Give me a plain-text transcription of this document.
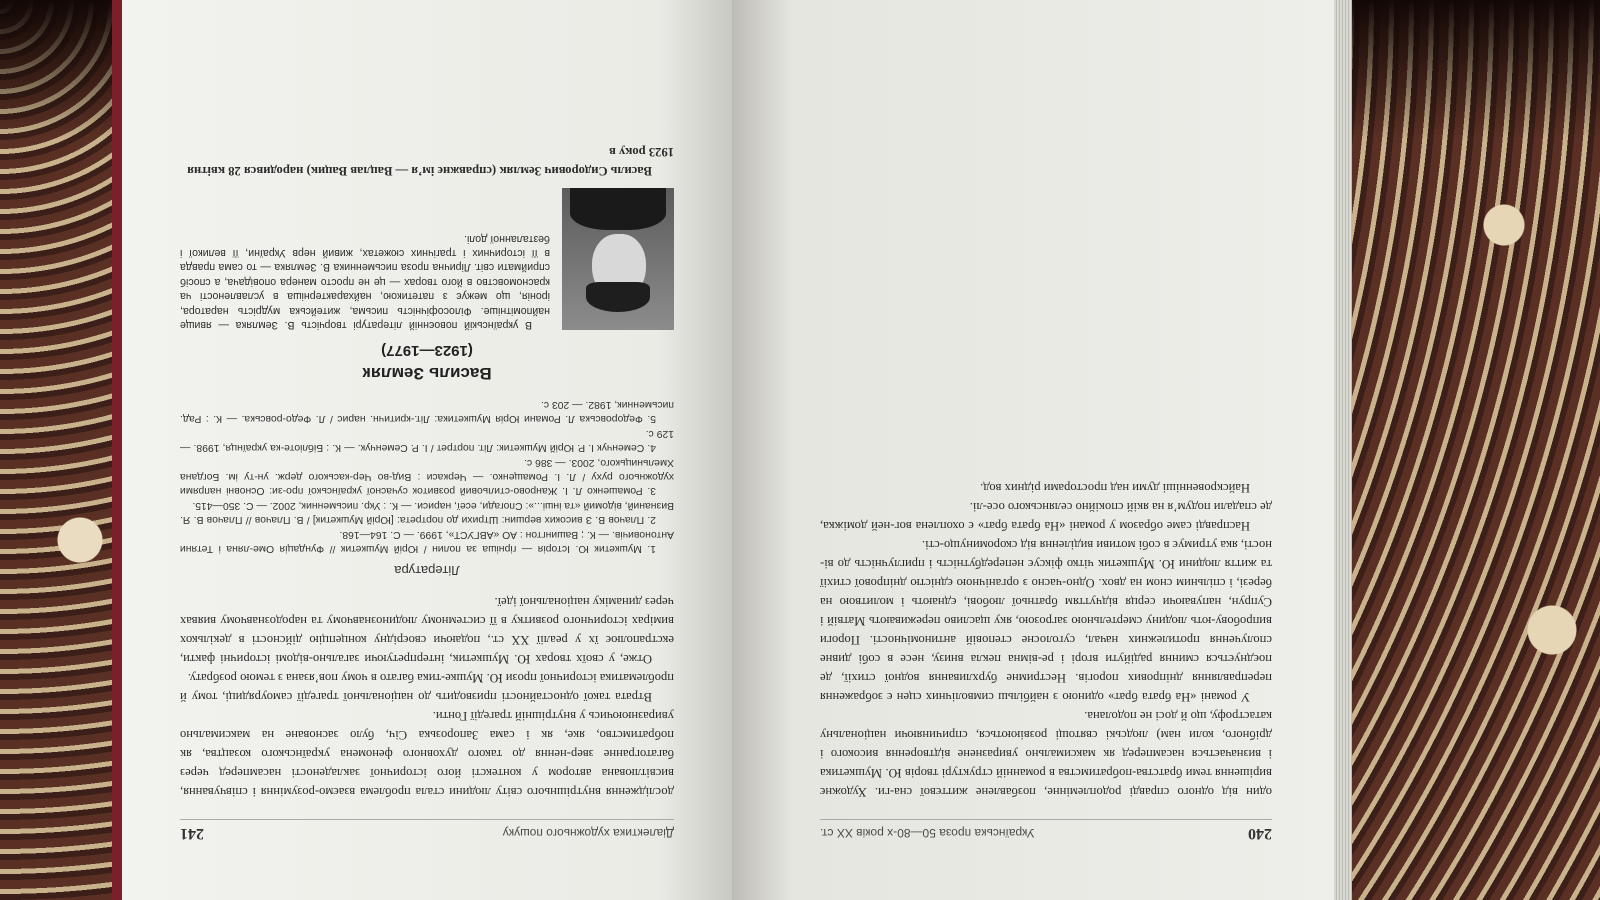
Діалектика художнього пошуку
241

дослідження внутрішнього світу людини стала проблема взаємо-розуміння і співчування, висвітлювана автором у контексті його історичної закладеності насамперед через багатогранне звер-нення до такого духовного феномена українського козацтва, як побратимство, яке, як і сама Запорозька Січ, було засноване на максимально увиразнюючись у внутрішній трагедії Гонти.

Втрата такої одностайності призводить до національної трагедії самоурядиці, тому й проблематика історичної прози Ю. Мушке-тика багато в чому пов’язана з темою розбрату.

Отже, у своїх творах Ю. Мушкетик, інтерпретуючи загально-відомі історичні факти, екстраполює їх у реалії XX ст., подаючи своєрідну концепцію дійсності в декількох вимірах історичного розвитку в її системному людинознавчому та народознавчому виявах через динаміку національної ідеї.

Література

1. Мушкетик Ю. Історія — гірніша за полин / Юрій Мушкетик // Фундація Оме-ляна і Тетяни Антоновичів. — К. ; Вашингтон : АО «АВГУСТ», 1999. — С. 164—168.

2. Плачов В. З високих вершин: Штрихи до портрета: [Юрій Мушкетик] / В. Плачов // Плачов В. Я. Визнаний, відомий «та інші...»: Спогади, есеї, нариси. — К. : Укр. письменник, 2002. — С. 350—415.

3. Ромашенко Л. І. Жанрово-стильовий розвиток сучасної української про-зи: Основні напрями художнього руху / Л. І. Ромащенко. — Черкаси : Вид-во Чер-каського держ. ун-ту ім. Богдана Хмельницького, 2003. — 386 с.

4. Семенчук І. Р. Юрій Мушкетик: Літ. портрет / І. Р. Семенчук. — К. : Бібліоте-ка українця, 1998. — 129 с.

5. Федоровська Л. Романи Юрія Мушкетика: Літ.-критичн. нарис / Л. Федо-ровська. — К. : Рад. письменник, 1982. — 203 с.

Василь Земляк
(1923—1977)

В українській повоєнній літературі творчість В. Земляка — явище найпомітніше. Філософічність письма, житейська мудрість наратора, іронія, що межує з патетикою, найхарактерніша в уславленості ча красномовство в його творах — це не просто манера оповідача, а спосіб сприймати світ. Лірична проза письменника В. Земляка — то сама правда в її історичних і трагічних сюжетах, живий нерв України, її великої і безталанної долі.

Василь Сидорович Земляк (справжнє ім’я — Вацлав Вацик) народився 28 квітня 1923 року в

240
Українська проза 50—80-х років XX ст.

один від одного справді родоплемінне, позбавлене життєвої сна-ги. Художнє вирішення теми братства-побратимства в романній структурі творів Ю. Мушкетика і визначається насамперед як максимально увиразнене відтворення високого і дрібного, коли нам) людські святощі розвіюються, спричиняючи національну катастрофу, що й досі не подолана.

У романі «На брата брат» одиною з найбільш символічних сцен є зображення переправляння дніпрових порогів. Нестримне бурхливання водної стихії, де поєднується сминня радійути вгорі і ре-вімна пекла внизу, несе в собі дивне сполучення протилежних начал, суголосне степовій антиномічності. Пороги випробову-ють людину смертельною загрозою, яку щасливо переживають Матвій і Супрун, напуваючи серця відчуттям братньої любові, єднають і молитвою на березі, і спільним сном на двох. Одно-часно з органічною єдністю дніпрової стихії та життя людини Ю. Мушкетик чітко фіксує непередбутність і приглучність до ві-ності, яка утримує в собі мотиви виділення від скороминущо-сті.

Насправді саме образом у романі «На брата брат» є охоплена вог-ней доміжка, де спадали подум’я на якій спокійно селянського осе-лі.

Найскровенніші думи над просторами рідних вод.
